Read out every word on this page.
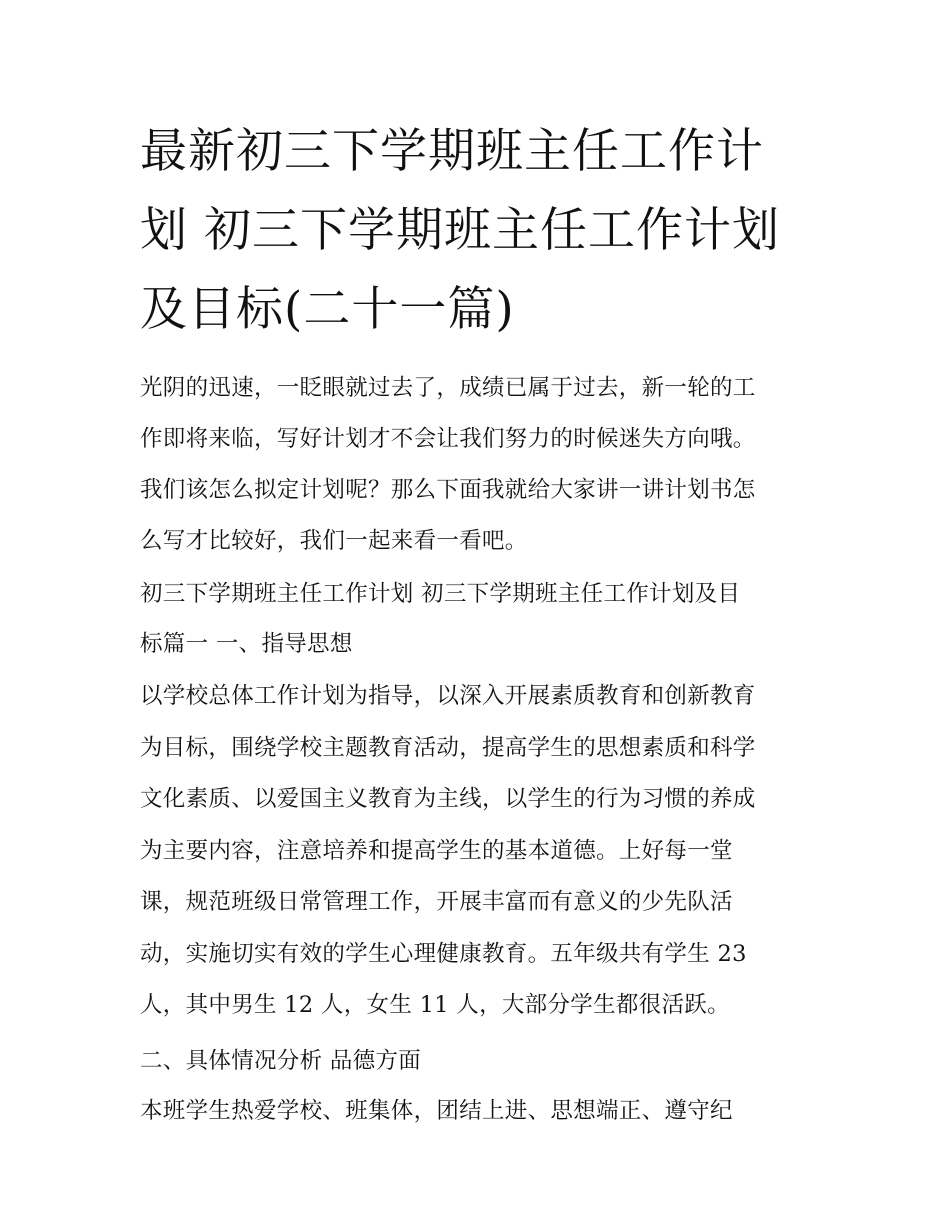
最新初三下学期班主任工作计
划 初三下学期班主任工作计划
及目标(二十一篇)
光阴的迅速，一眨眼就过去了，成绩已属于过去，新一轮的工
作即将来临，写好计划才不会让我们努力的时候迷失方向哦。
我们该怎么拟定计划呢？那么下面我就给大家讲一讲计划书怎
么写才比较好，我们一起来看一看吧。
初三下学期班主任工作计划 初三下学期班主任工作计划及目
标篇一 一、指导思想
以学校总体工作计划为指导，以深入开展素质教育和创新教育
为目标，围绕学校主题教育活动，提高学生的思想素质和科学
文化素质、以爱国主义教育为主线，以学生的行为习惯的养成
为主要内容，注意培养和提高学生的基本道德。上好每一堂
课，规范班级日常管理工作，开展丰富而有意义的少先队活
动，实施切实有效的学生心理健康教育。五年级共有学生 23
人，其中男生 12 人，女生 11 人，大部分学生都很活跃。
二、具体情况分析 品德方面
本班学生热爱学校、班集体，团结上进、思想端正、遵守纪
